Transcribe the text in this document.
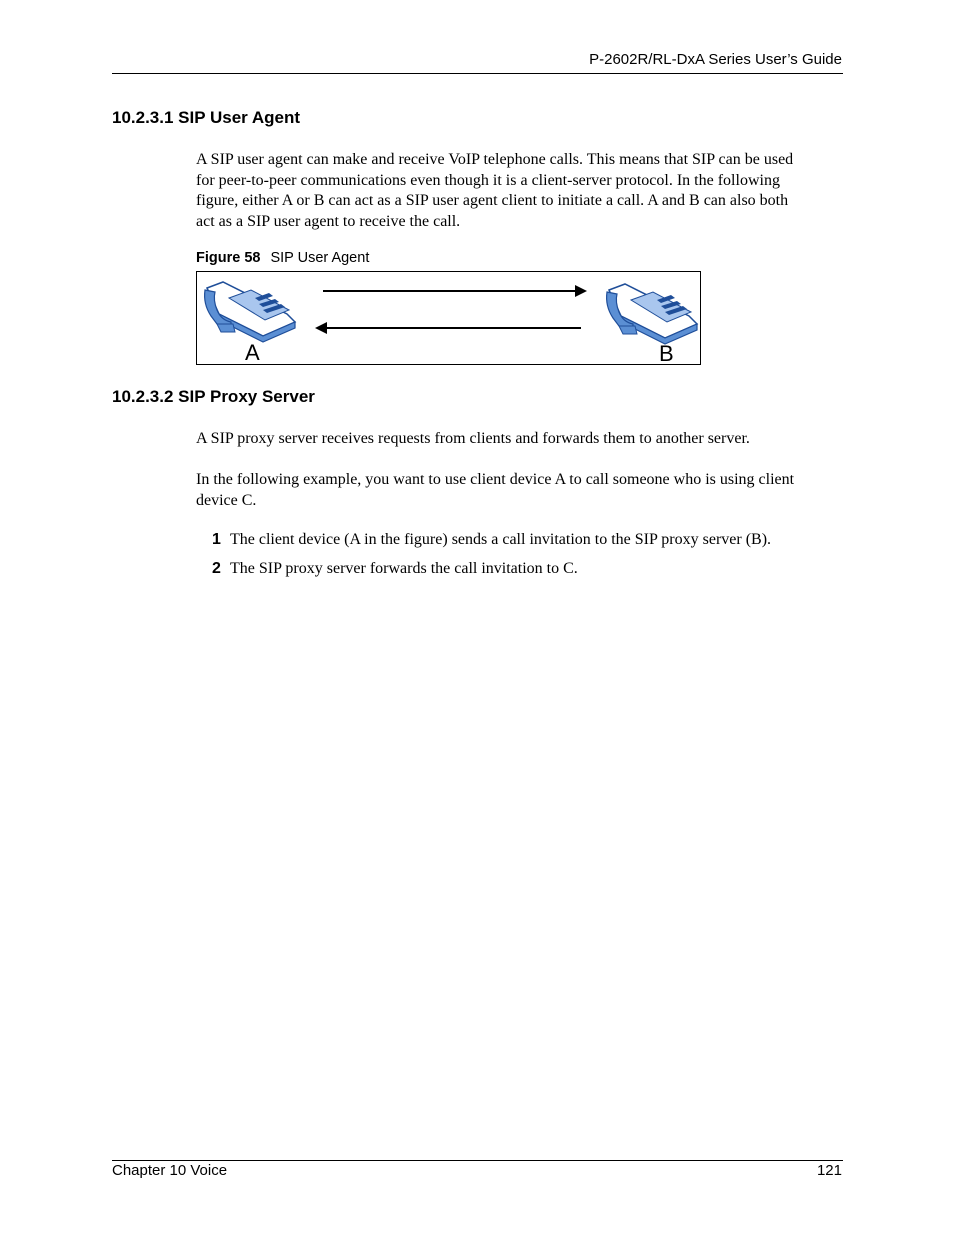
P-2602R/RL-DxA Series User’s Guide
10.2.3.1 SIP User Agent
A SIP user agent can make and receive VoIP telephone calls. This means that SIP can be used
for peer-to-peer communications even though it is a client-server protocol. In the following
figure, either A or B can act as a SIP user agent client to initiate a call. A and B can also both
act as a SIP user agent to receive the call.
Figure 58 SIP User Agent
A	B
10.2.3.2 SIP Proxy Server
A SIP proxy server receives requests from clients and forwards them to another server.
In the following example, you want to use client device A to call someone who is using client
device C.
1 The client device (A in the figure) sends a call invitation to the SIP proxy server (B).
2 The SIP proxy server forwards the call invitation to C.
Chapter 10 Voice	121
